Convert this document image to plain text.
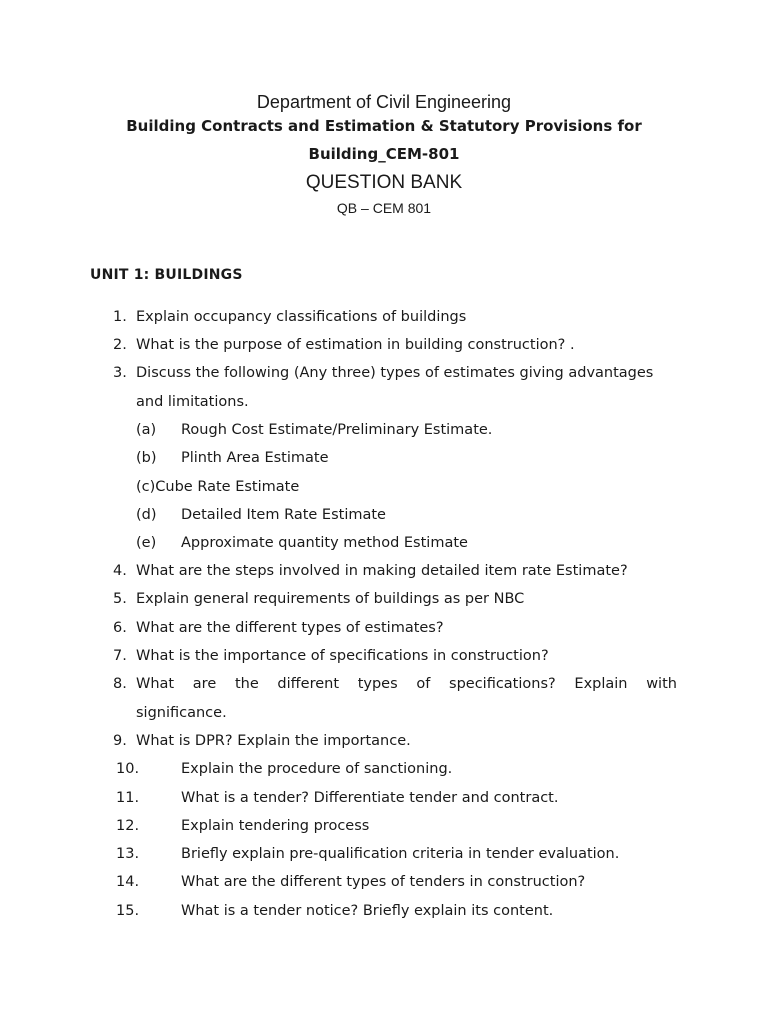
Department of Civil Engineering
Building Contracts and Estimation & Statutory Provisions for
Building_CEM-801
QUESTION BANK
QB – CEM 801
UNIT 1: BUILDINGS
1. Explain occupancy classifications of buildings
2. What is the purpose of estimation in building construction? .
3. Discuss the following (Any three) types of estimates giving advantages
and limitations.
(a) Rough Cost Estimate/Preliminary Estimate.
(b) Plinth Area Estimate
(c)Cube Rate Estimate
(d) Detailed Item Rate Estimate
(e) Approximate quantity method Estimate
4. What are the steps involved in making detailed item rate Estimate?
5. Explain general requirements of buildings as per NBC
6. What are the different types of estimates?
7. What is the importance of specifications in construction?
8. What are the different types of specifications? Explain with
significance.
9. What is DPR? Explain the importance.
10.	Explain the procedure of sanctioning.
11.	What is a tender? Differentiate tender and contract.
12.	Explain tendering process
13.	Briefly explain pre-qualification criteria in tender evaluation.
14.	What are the different types of tenders in construction?
15.	What is a tender notice? Briefly explain its content.
